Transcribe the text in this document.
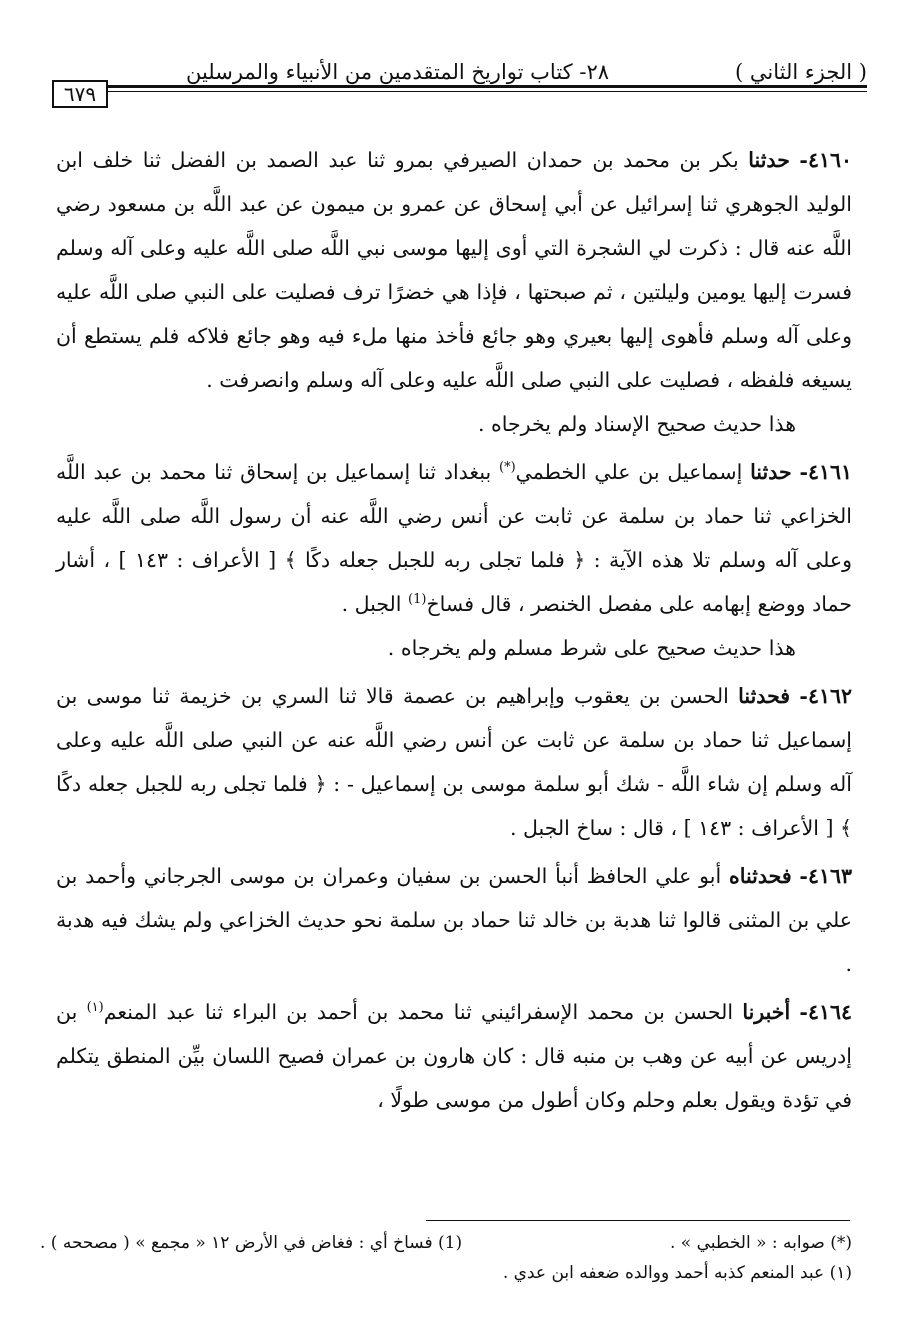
( الجزء الثاني )
٢٨- كتاب تواريخ المتقدمين من الأنبياء والمرسلين
٦٧٩

٤١٦٠- حدثنا بكر بن محمد بن حمدان الصيرفي بمرو ثنا عبد الصمد بن الفضل ثنا خلف ابن الوليد الجوهري ثنا إسرائيل عن أبي إسحاق عن عمرو بن ميمون عن عبد اللَّه بن مسعود رضي اللَّه عنه قال : ذكرت لي الشجرة التي أوى إليها موسى نبي اللَّه صلى اللَّه عليه وعلى آله وسلم فسرت إليها يومين وليلتين ، ثم صبحتها ، فإذا هي خضرًا ترف فصليت على النبي صلى اللَّه عليه وعلى آله وسلم فأهوى إليها بعيري وهو جائع فأخذ منها ملء فيه وهو جائع فلاكه فلم يستطع أن يسيغه فلفظه ، فصليت على النبي صلى اللَّه عليه وعلى آله وسلم وانصرفت .

هذا حديث صحيح الإسناد ولم يخرجاه .

٤١٦١- حدثنا إسماعيل بن علي الخطمي(*) ببغداد ثنا إسماعيل بن إسحاق ثنا محمد بن عبد اللَّه الخزاعي ثنا حماد بن سلمة عن ثابت عن أنس رضي اللَّه عنه أن رسول اللَّه صلى اللَّه عليه وعلى آله وسلم تلا هذه الآية : ﴿ فلما تجلى ربه للجبل جعله دكًا ﴾ [ الأعراف : ١٤٣ ] ، أشار حماد ووضع إبهامه على مفصل الخنصر ، قال فساخ$^{(1)}$ الجبل .

هذا حديث صحيح على شرط مسلم ولم يخرجاه .

٤١٦٢- فحدثنا الحسن بن يعقوب وإبراهيم بن عصمة قالا ثنا السري بن خزيمة ثنا موسى بن إسماعيل ثنا حماد بن سلمة عن ثابت عن أنس رضي اللَّه عنه عن النبي صلى اللَّه عليه وعلى آله وسلم إن شاء اللَّه - شك أبو سلمة موسى بن إسماعيل - : ﴿ فلما تجلى ربه للجبل جعله دكًا ﴾ [ الأعراف : ١٤٣ ] ، قال : ساخ الجبل .

٤١٦٣- فحدثناه أبو علي الحافظ أنبأ الحسن بن سفيان وعمران بن موسى الجرجاني وأحمد بن علي بن المثنى قالوا ثنا هدبة بن خالد ثنا حماد بن سلمة نحو حديث الخزاعي ولم يشك فيه هدبة .

٤١٦٤- أخبرنا الحسن بن محمد الإسفرائيني ثنا محمد بن أحمد بن البراء ثنا عبد المنعم$^{(١)}$ بن إدريس عن أبيه عن وهب بن منبه قال : كان هارون بن عمران فصيح اللسان بيِّن المنطق يتكلم في تؤدة ويقول بعلم وحلم وكان أطول من موسى طولًا ،

(*) صوابه : « الخطبي » .
(1) فساخ أي : فغاض في الأرض ١٢ « مجمع » ( مصححه ) .
(١) عبد المنعم كذبه أحمد ووالده ضعفه ابن عدي .
